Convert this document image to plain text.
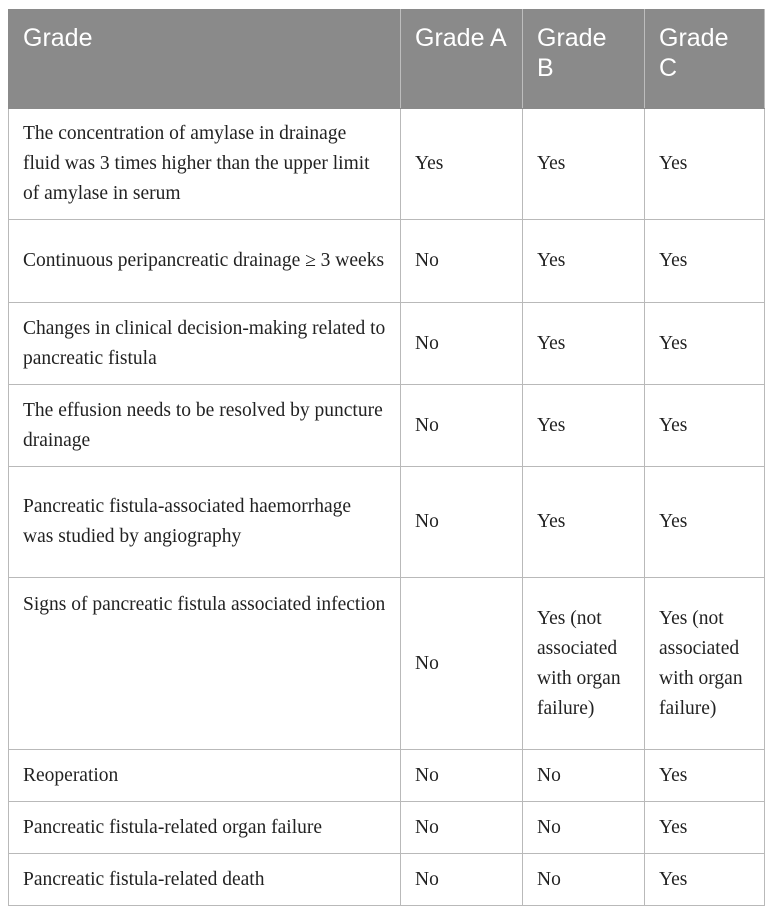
Grade	Grade A	Grade B	Grade C
The concentration of amylase in drainage fluid was 3 times higher than the upper limit of amylase in serum	Yes	Yes	Yes
Continuous peripancreatic drainage ≥ 3 weeks	No	Yes	Yes
Changes in clinical decision-making related to pancreatic fistula	No	Yes	Yes
The effusion needs to be resolved by puncture drainage	No	Yes	Yes
Pancreatic fistula-associated haemorrhage was studied by angiography	No	Yes	Yes
Signs of pancreatic fistula associated infection	No	Yes (not associated with organ failure)	Yes (not associated with organ failure)
Reoperation	No	No	Yes
Pancreatic fistula-related organ failure	No	No	Yes
Pancreatic fistula-related death	No	No	Yes
